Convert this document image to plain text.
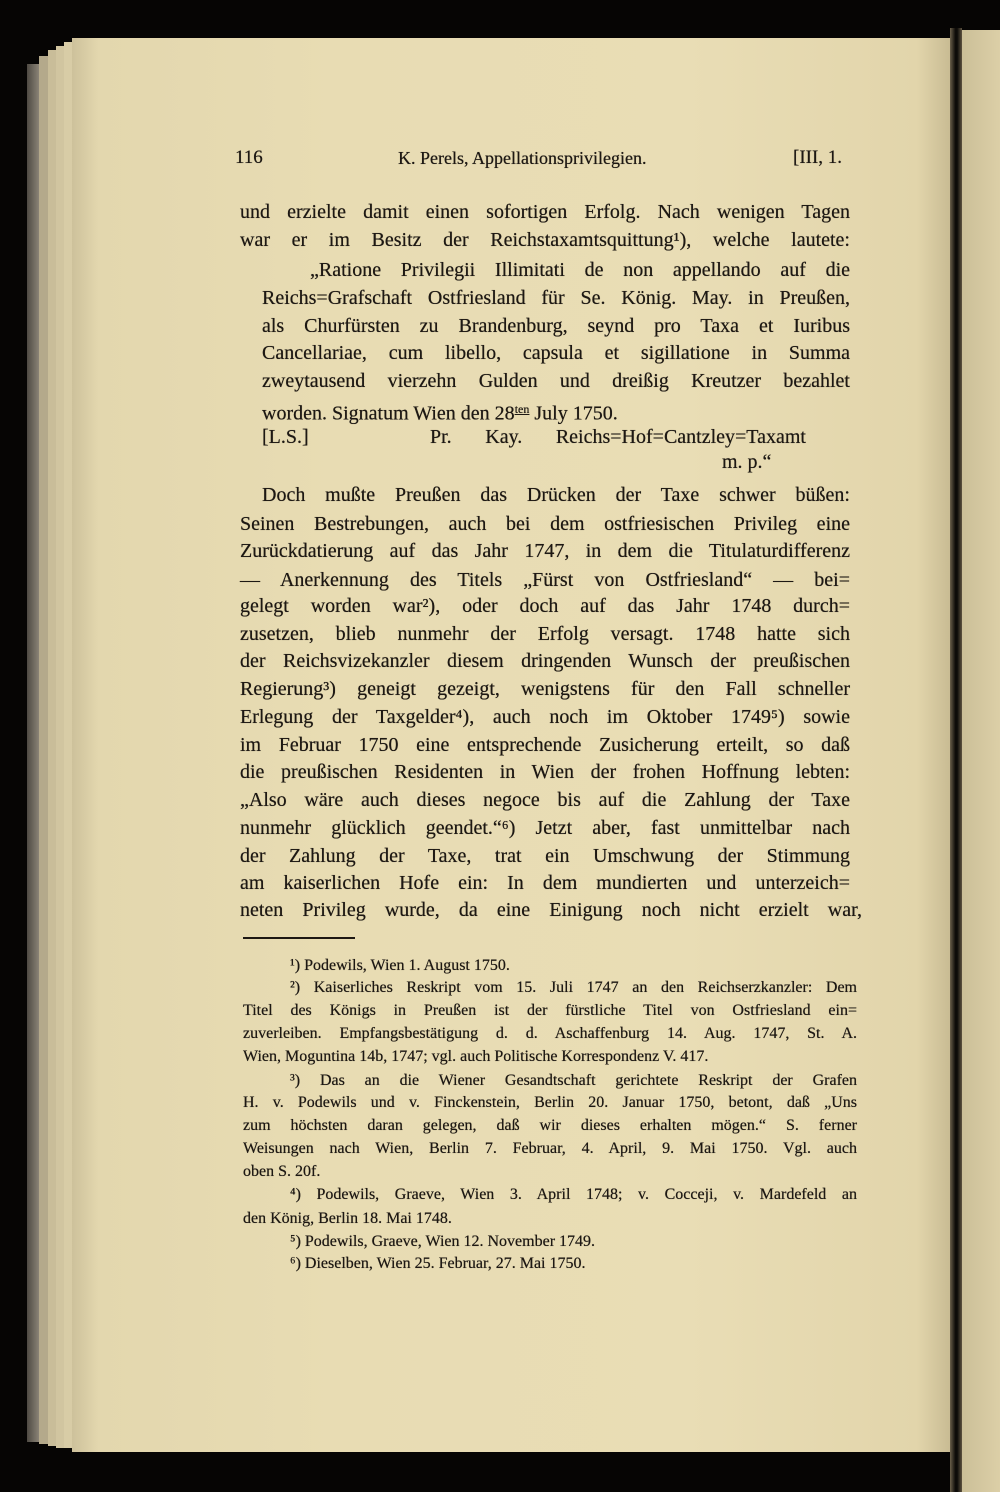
116	K. Perels, Appellationsprivilegien.	[III, 1.
und erzielte damit einen sofortigen Erfolg. Nach wenigen Tagen
war er im Besitz der Reichstaxamtsquittung¹), welche lautete:
„Ratione Privilegii Illimitati de non appellando auf die
Reichs=Grafschaft Ostfriesland für Se. König. May. in Preußen,
als Churfürsten zu Brandenburg, seynd pro Taxa et Iuribus
Cancellariae, cum libello, capsula et sigillatione in Summa
zweytausend vierzehn Gulden und dreißig Kreutzer bezahlet
worden. Signatum Wien den $28^{ten}$ July 1750.
[L.S.]	Pr. Kay. Reichs=Hof=Cantzley=Taxamt
m. p.“
Doch mußte Preußen das Drücken der Taxe schwer büßen:
Seinen Bestrebungen, auch bei dem ostfriesischen Privileg eine
Zurückdatierung auf das Jahr 1747, in dem die Titulaturdifferenz
— Anerkennung des Titels „Fürst von Ostfriesland“ — bei=
gelegt worden war²), oder doch auf das Jahr 1748 durch=
zusetzen, blieb nunmehr der Erfolg versagt. 1748 hatte sich
der Reichsvizekanzler diesem dringenden Wunsch der preußischen
Regierung³) geneigt gezeigt, wenigstens für den Fall schneller
Erlegung der Taxgelder⁴), auch noch im Oktober 1749⁵) sowie
im Februar 1750 eine entsprechende Zusicherung erteilt, so daß
die preußischen Residenten in Wien der frohen Hoffnung lebten:
„Also wäre auch dieses negoce bis auf die Zahlung der Taxe
nunmehr glücklich geendet.“⁶) Jetzt aber, fast unmittelbar nach
der Zahlung der Taxe, trat ein Umschwung der Stimmung
am kaiserlichen Hofe ein: In dem mundierten und unterzeich=
neten Privileg wurde, da eine Einigung noch nicht erzielt war,
¹) Podewils, Wien 1. August 1750.
²) Kaiserliches Reskript vom 15. Juli 1747 an den Reichserzkanzler: Dem
Titel des Königs in Preußen ist der fürstliche Titel von Ostfriesland ein=
zuverleiben. Empfangsbestätigung d. d. Aschaffenburg 14. Aug. 1747, St. A.
Wien, Moguntina 14b, 1747; vgl. auch Politische Korrespondenz V. 417.
³) Das an die Wiener Gesandtschaft gerichtete Reskript der Grafen
H. v. Podewils und v. Finckenstein, Berlin 20. Januar 1750, betont, daß „Uns
zum höchsten daran gelegen, daß wir dieses erhalten mögen.“ S. ferner
Weisungen nach Wien, Berlin 7. Februar, 4. April, 9. Mai 1750. Vgl. auch
oben S. 20f.
⁴) Podewils, Graeve, Wien 3. April 1748; v. Cocceji, v. Mardefeld an
den König, Berlin 18. Mai 1748.
⁵) Podewils, Graeve, Wien 12. November 1749.
⁶) Dieselben, Wien 25. Februar, 27. Mai 1750.
